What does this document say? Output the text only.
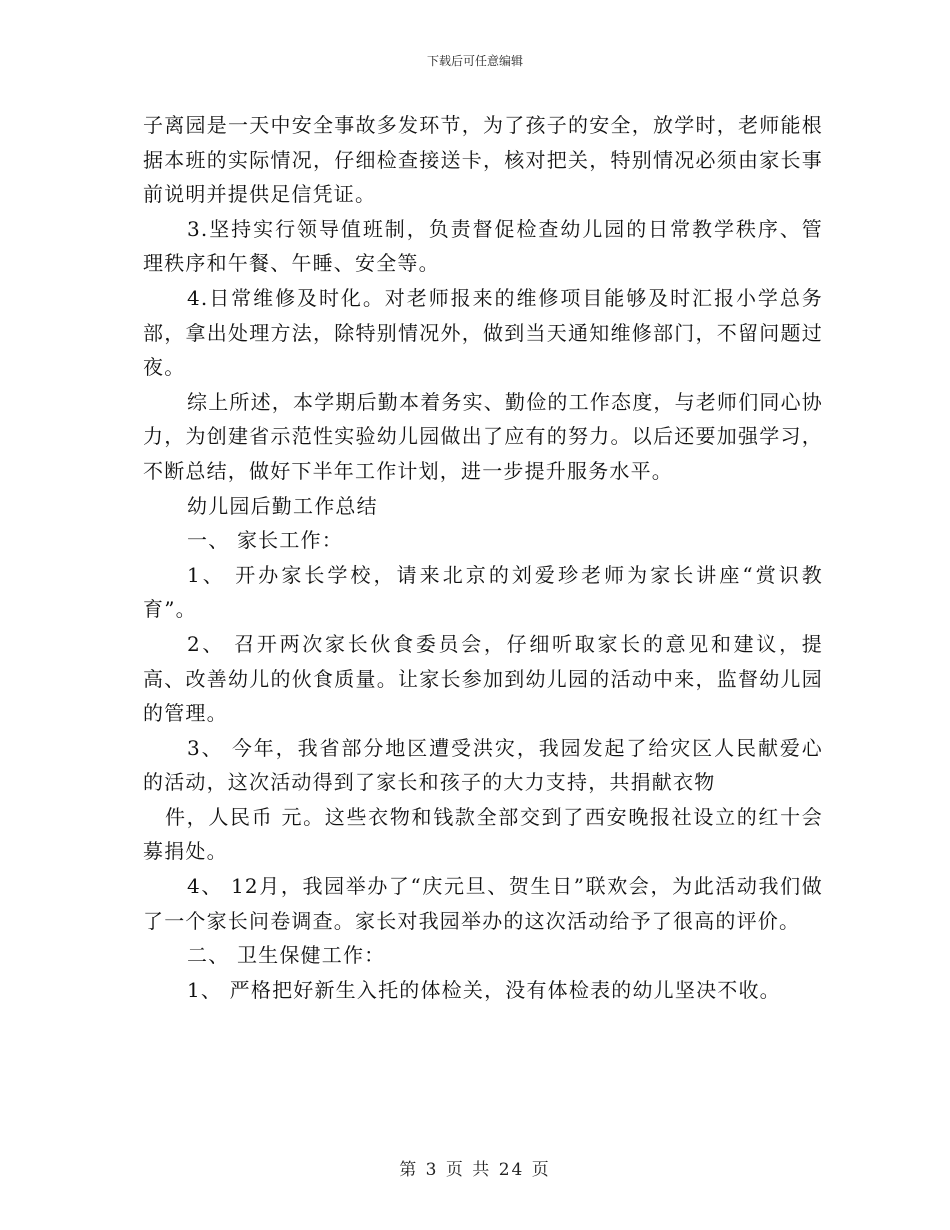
下载后可任意编辑

子离园是一天中安全事故多发环节，为了孩子的安全，放学时，老师能根据本班的实际情况，仔细检查接送卡，核对把关，特别情况必须由家长事前说明并提供足信凭证。

3.坚持实行领导值班制，负责督促检查幼儿园的日常教学秩序、管理秩序和午餐、午睡、安全等。

4.日常维修及时化。对老师报来的维修项目能够及时汇报小学总务部，拿出处理方法，除特别情况外，做到当天通知维修部门，不留问题过夜。

综上所述，本学期后勤本着务实、勤俭的工作态度，与老师们同心协力，为创建省示范性实验幼儿园做出了应有的努力。以后还要加强学习，不断总结，做好下半年工作计划，进一步提升服务水平。

幼儿园后勤工作总结

一、 家长工作：

1、 开办家长学校，请来北京的刘爱珍老师为家长讲座“赏识教育”。

2、 召开两次家长伙食委员会，仔细听取家长的意见和建议，提高、改善幼儿的伙食质量。让家长参加到幼儿园的活动中来，监督幼儿园的管理。

3、 今年，我省部分地区遭受洪灾，我园发起了给灾区人民献爱心的活动，这次活动得到了家长和孩子的大力支持，共捐献衣物

件，人民币 元。这些衣物和钱款全部交到了西安晚报社设立的红十会募捐处。

4、 12月，我园举办了“庆元旦、贺生日”联欢会，为此活动我们做了一个家长问卷调查。家长对我园举办的这次活动给予了很高的评价。

二、 卫生保健工作：

1、 严格把好新生入托的体检关，没有体检表的幼儿坚决不收。

第 3 页 共 24 页
